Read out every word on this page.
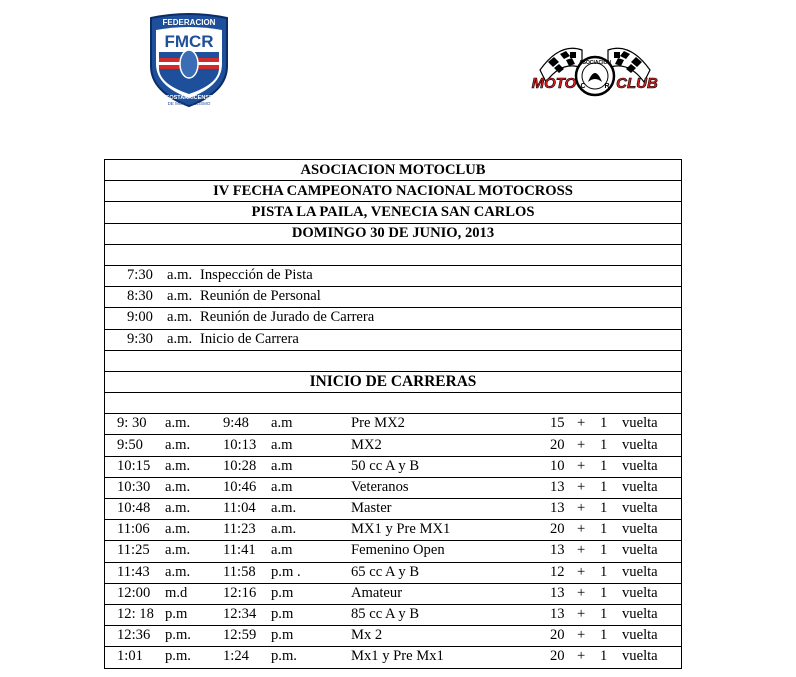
FEDERACION
FMCR
COSTARRICENSE
DE MOTOCICLISMO
ASOCIACION
C	R
MOTO	CLUB
ASOCIACION MOTOCLUB
IV FECHA CAMPEONATO NACIONAL MOTOCROSS
PISTA LA PAILA, VENECIA SAN CARLOS
DOMINGO 30 DE JUNIO, 2013

7:30 a.m. Inspección de Pista

8:30 a.m. Reunión de Personal

9:00 a.m. Reunión de Jurado de Carrera

9:30 a.m. Inicio de Carrera

INICIO DE CARRERAS

9: 30 a.m. 9:48 a.m	Pre MX2	15 + 1 vuelta

9:50 a.m. 10:13 a.m	MX2	20 + 1 vuelta

10:15 a.m. 10:28 a.m	50 cc A y B	10 + 1 vuelta

10:30 a.m. 10:46 a.m	Veteranos	13 + 1 vuelta

10:48 a.m. 11:04 a.m.	Master	13 + 1 vuelta

11:06 a.m. 11:23 a.m.	MX1 y Pre MX1	20 + 1 vuelta

11:25 a.m. 11:41 a.m	Femenino Open	13 + 1 vuelta

11:43 a.m. 11:58 p.m .	65 cc A y B	12 + 1 vuelta

12:00 m.d 12:16 p.m	Amateur	13 + 1 vuelta

12: 18 p.m 12:34 p.m	85 cc A y B	13 + 1 vuelta

12:36 p.m. 12:59 p.m	Mx 2	20 + 1 vuelta

1:01 p.m. 1:24 p.m.	Mx1 y Pre Mx1	20 + 1 vuelta
